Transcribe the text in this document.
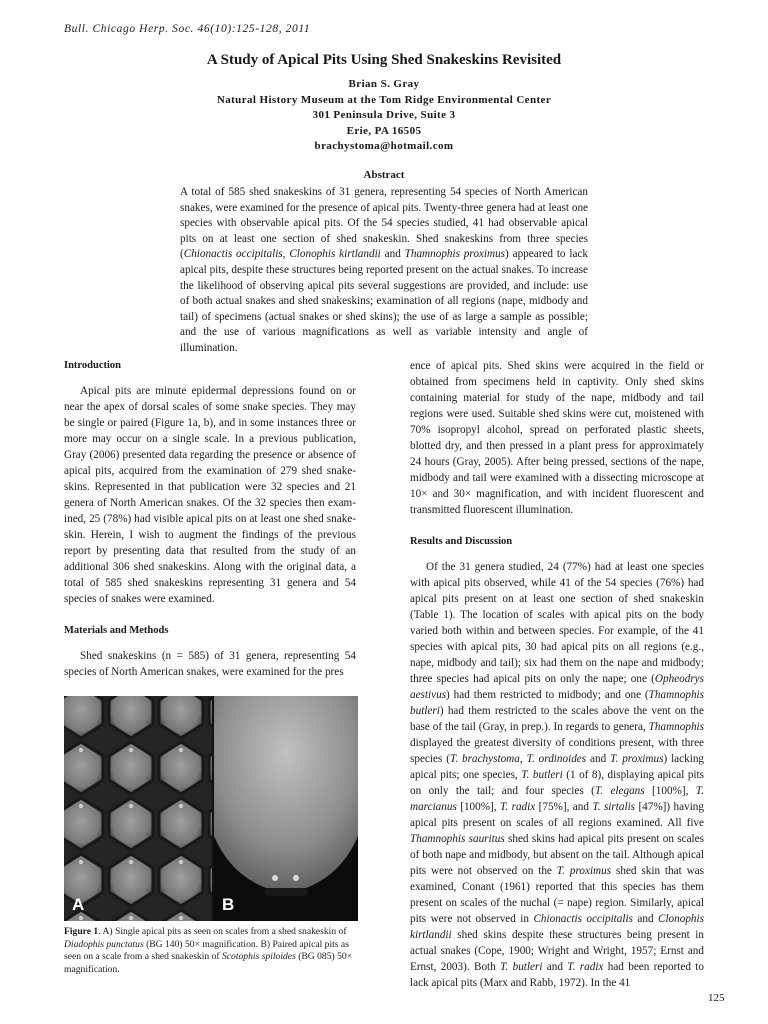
Bull. Chicago Herp. Soc. 46(10):125-128, 2011
A Study of Apical Pits Using Shed Snakeskins Revisited
Brian S. Gray
Natural History Museum at the Tom Ridge Environmental Center
301 Peninsula Drive, Suite 3
Erie, PA 16505
brachystoma@hotmail.com
Abstract
A total of 585 shed snakeskins of 31 genera, representing 54 species of North American snakes, were examined for the presence of apical pits. Twenty-three genera had at least one species with observable apical pits. Of the 54 species studied, 41 had observable apical pits on at least one section of shed snakeskin. Shed snakeskins from three species (Chionactis occipitalis, Clonophis kirtlandii and Thamnophis proximus) appeared to lack apical pits, despite these structures being reported present on the actual snakes. To increase the likelihood of observing apical pits several suggestions are provided, and include: use of both actual snakes and shed snakeskins; examination of all regions (nape, midbody and tail) of specimens (actual snakes or shed skins); the use of as large a sample as possible; and the use of various magnifications as well as variable intensity and angle of illumination.
Introduction

Apical pits are minute epidermal depressions found on or near the apex of dorsal scales of some snake species. They may be single or paired (Figure 1a, b), and in some instances three or more may occur on a single scale. In a previous publication, Gray (2006) presented data regarding the presence or absence of apical pits, acquired from the examination of 279 shed snakeskins. Represented in that publication were 32 species and 21 genera of North American snakes. Of the 32 species then examined, 25 (78%) had visible apical pits on at least one shed snakeskin. Herein, I wish to augment the findings of the previous report by presenting data that resulted from the study of an additional 306 shed snakeskins. Along with the original data, a total of 585 shed snakeskins representing 31 genera and 54 species of snakes were examined.

Materials and Methods

Shed snakeskins (n = 585) of 31 genera, representing 54 species of North American snakes, were examined for the pres

ence of apical pits. Shed skins were acquired in the field or obtained from specimens held in captivity. Only shed skins containing material for study of the nape, midbody and tail regions were used. Suitable shed skins were cut, moistened with 70% isopropyl alcohol, spread on perforated plastic sheets, blotted dry, and then pressed in a plant press for approximately 24 hours (Gray, 2005). After being pressed, sections of the nape, midbody and tail were examined with a dissecting microscope at 10× and 30× magnification, and with incident fluorescent and transmitted fluorescent illumination.

Results and Discussion

Of the 31 genera studied, 24 (77%) had at least one species with apical pits observed, while 41 of the 54 species (76%) had apical pits present on at least one section of shed snakeskin (Table 1). The location of scales with apical pits on the body varied both within and between species. For example, of the 41 species with apical pits, 30 had apical pits on all regions (e.g., nape, midbody and tail); six had them on the nape and midbody; three species had apical pits on only the nape; one (Opheodrys aestivus) had them restricted to midbody; and one (Thamnophis butleri) had them restricted to the scales above the vent on the base of the tail (Gray, in prep.). In regards to genera, Thamnophis displayed the greatest diversity of conditions present, with three species (T. brachystoma, T. ordinoides and T. proximus) lacking apical pits; one species, T. butleri (1 of 8), displaying apical pits on only the tail; and four species (T. elegans [100%], T. marcianus [100%], T. radix [75%], and T. sirtalis [47%]) having apical pits present on scales of all regions examined. All five Thamnophis sauritus shed skins had apical pits present on scales of both nape and midbody, but absent on the tail. Although apical pits were not observed on the T. proximus shed skin that was examined, Conant (1961) reported that this species has them present on scales of the nuchal (= nape) region. Similarly, apical pits were not observed in Chionactis occipitalis and Clonophis kirtlandii shed skins despite these structures being present in actual snakes (Cope, 1900; Wright and Wright, 1957; Ernst and Ernst, 2003). Both T. butleri and T. radix had been reported to lack apical pits (Marx and Rabb, 1972). In the 41

A	B
Figure 1. A) Single apical pits as seen on scales from a shed snakeskin of Diadophis punctatus (BG 140) 50× magnification. B) Paired apical pits as seen on a scale from a shed snakeskin of Scotophis spiloides (BG 085) 50× magnification.
125
